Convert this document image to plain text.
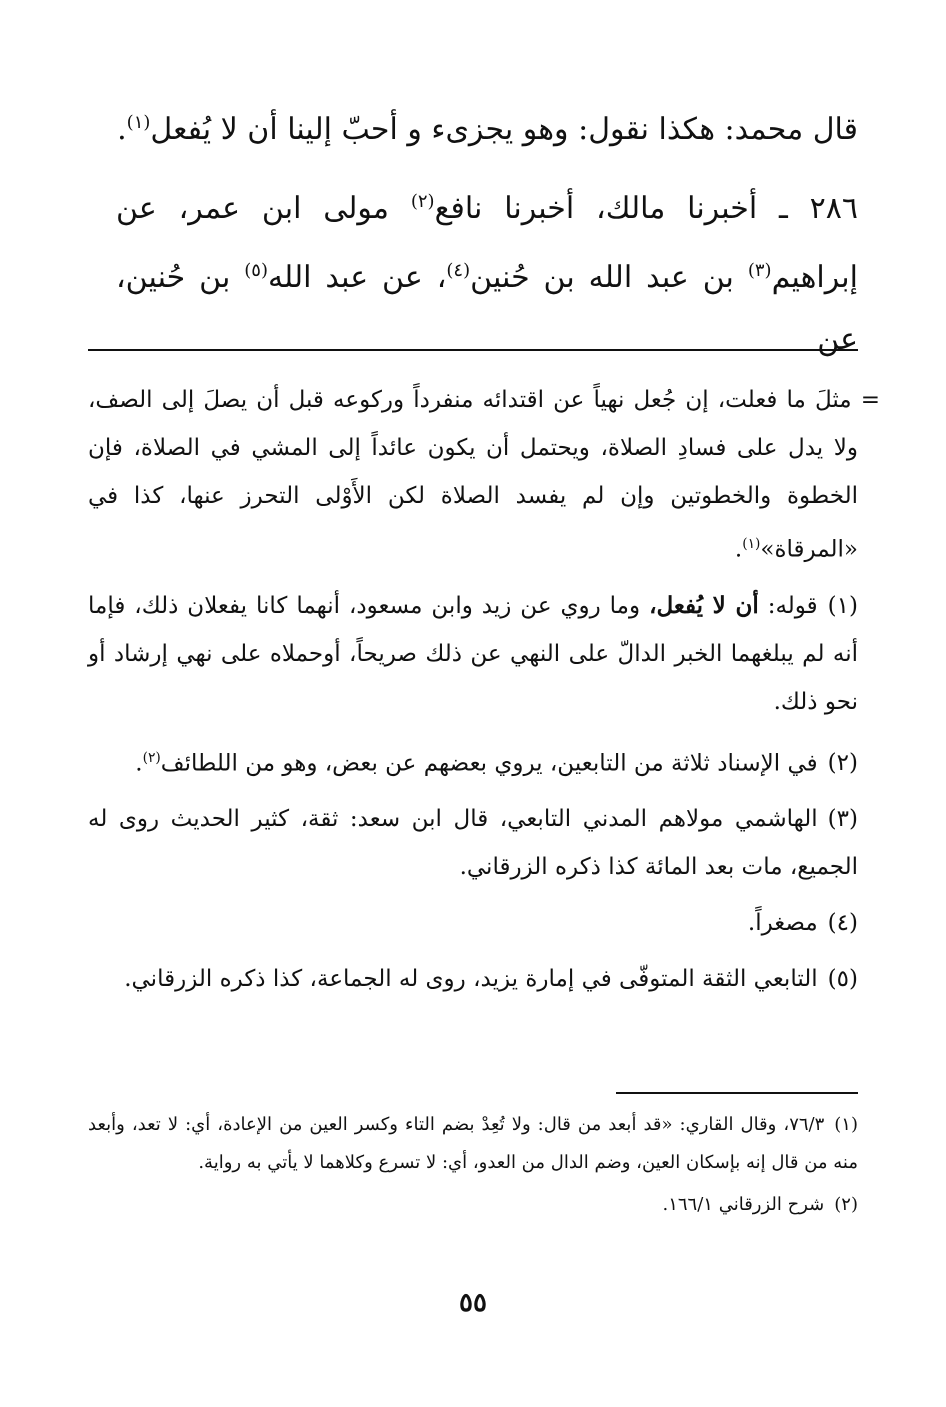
قال محمد: هكذا نقول: وهو يجزىء و أحبّ إلينا أن لا يُفعل$^{(١)}$.

٢٨٦ ـ أخبرنا مالك، أخبرنا نافع$^{(٢)}$ مولى ابن عمر، عن إبراهيم$^{(٣)}$ بن عبد الله بن حُنين$^{(٤)}$، عن عبد الله$^{(٥)}$ بن حُنين، عن

= مثلَ ما فعلت، إن جُعل نهياً عن اقتدائه منفرداً وركوعه قبل أن يصلَ إلى الصف، ولا يدل على فسادِ الصلاة، ويحتمل أن يكون عائداً إلى المشي في الصلاة، فإن الخطوة والخطوتين وإن لم يفسد الصلاة لكن الأَوْلى التحرز عنها، كذا في «المرقاة»$^{(١)}$.

(١)قوله: أن لا يُفعل، وما روي عن زيد وابن مسعود، أنهما كانا يفعلان ذلك، فإما أنه لم يبلغهما الخبر الدالّ على النهي عن ذلك صريحاً، أوحملاه على نهي إرشاد أو نحو ذلك.

(٢)في الإسناد ثلاثة من التابعين، يروي بعضهم عن بعض، وهو من اللطائف$^{(٢)}$.

(٣)الهاشمي مولاهم المدني التابعي، قال ابن سعد: ثقة، كثير الحديث روى له الجميع، مات بعد المائة كذا ذكره الزرقاني.

(٤)مصغراً.

(٥)التابعي الثقة المتوفّى في إمارة يزيد، روى له الجماعة، كذا ذكره الزرقاني.

(١)٧٦/٣، وقال القاري: «قد أبعد من قال: ولا تُعِدْ بضم التاء وكسر العين من الإعادة، أي: لا تعد، وأبعد منه من قال إنه بإسكان العين، وضم الدال من العدو، أي: لا تسرع وكلاهما لا يأتي به رواية.

(٢)شرح الزرقاني ١٦٦/١.

٥٥
